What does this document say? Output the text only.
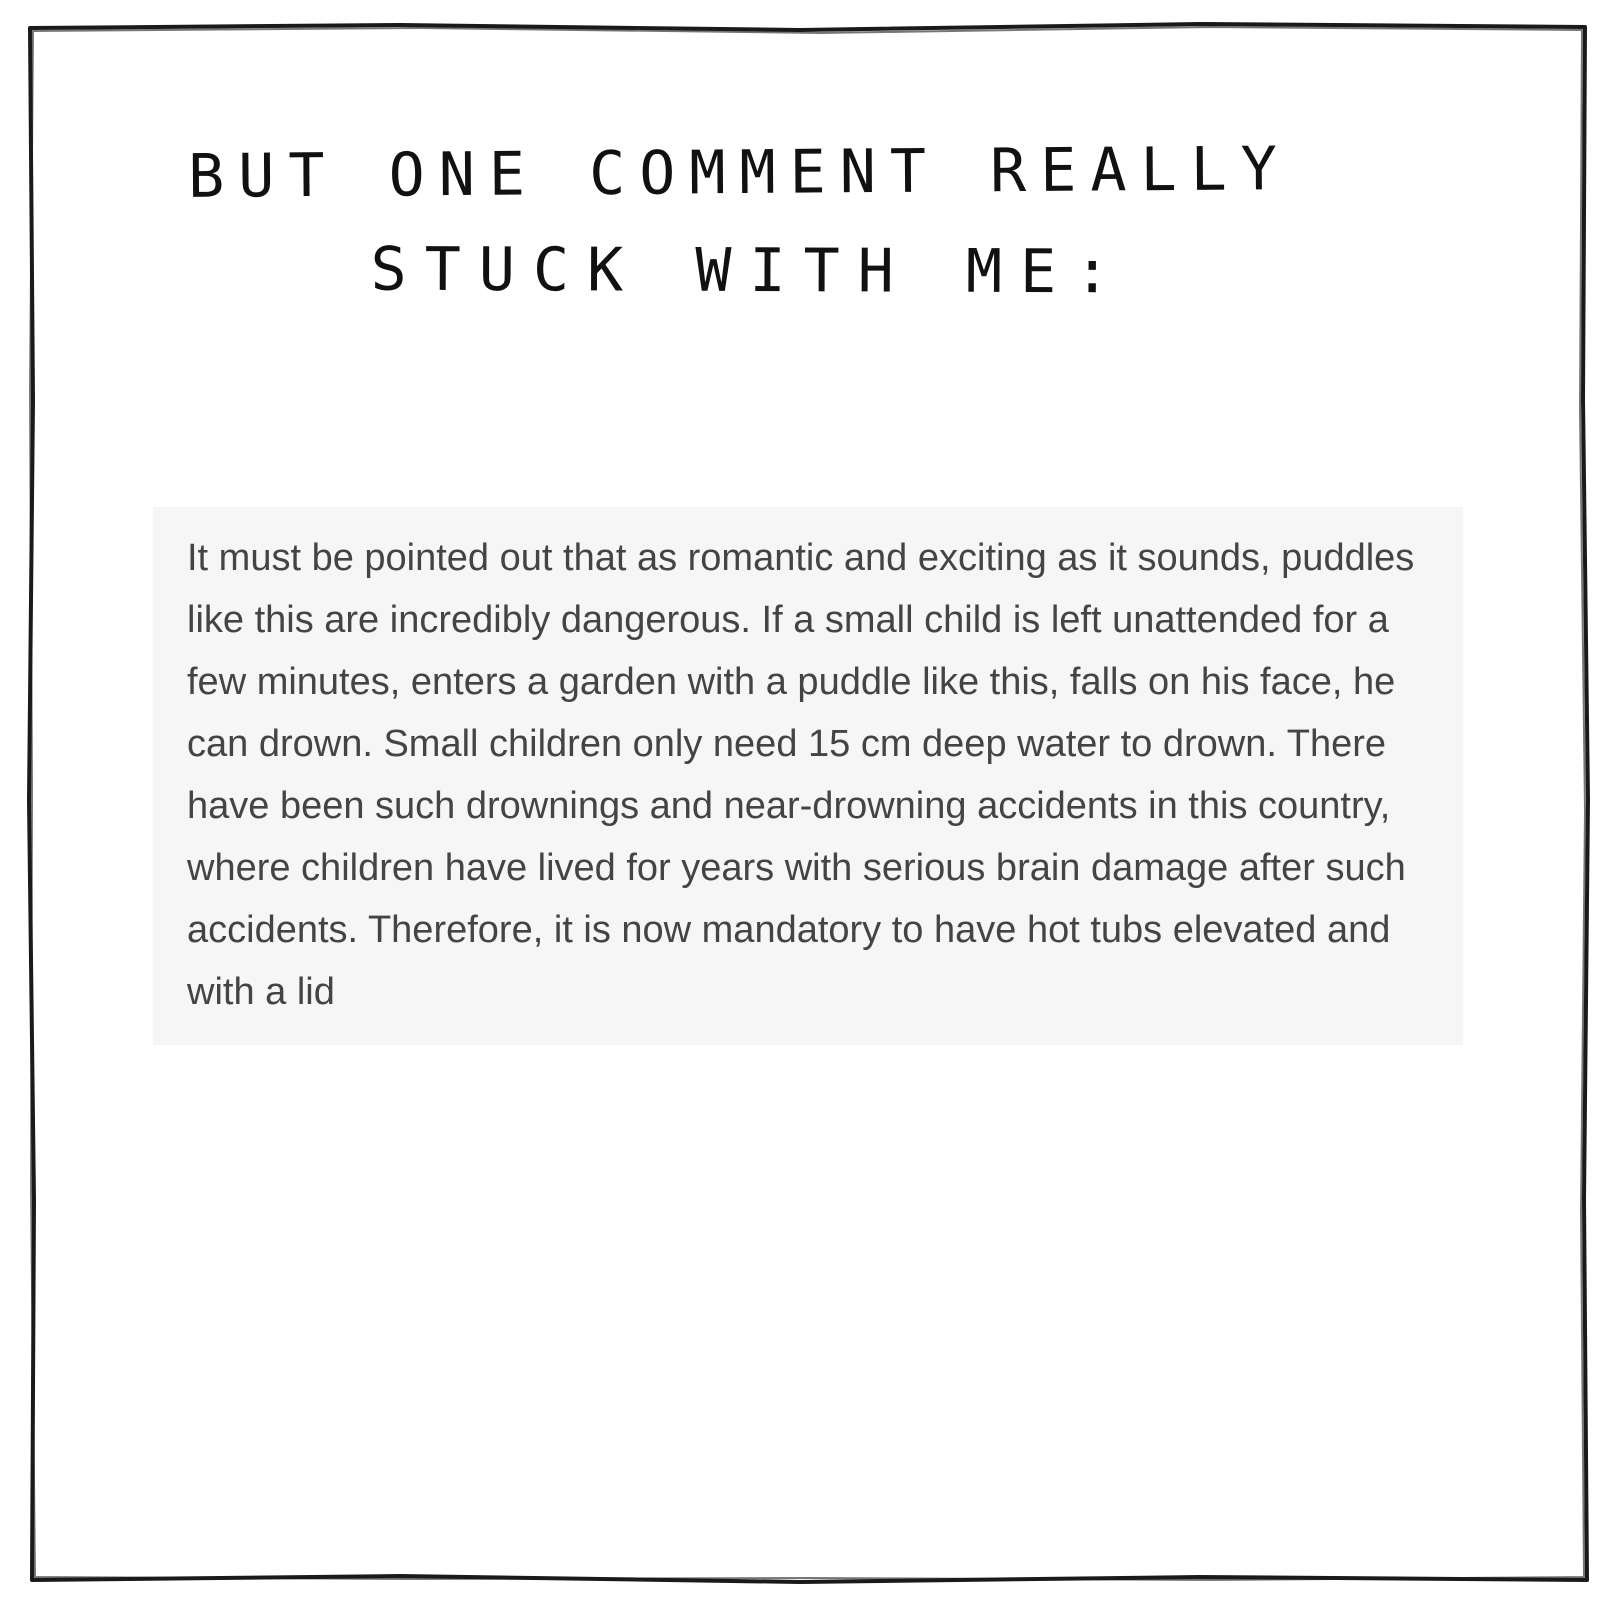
BUT ONE COMMENT REALLY
STUCK WITH ME:

It must be pointed out that as romantic and exciting as it sounds, puddles like this are incredibly dangerous. If a small child is left unattended for a few minutes, enters a garden with a puddle like this, falls on his face, he can drown. Small children only need 15 cm deep water to drown. There have been such drownings and near-drowning accidents in this country, where children have lived for years with serious brain damage after such accidents. Therefore, it is now mandatory to have hot tubs elevated and with a lid
